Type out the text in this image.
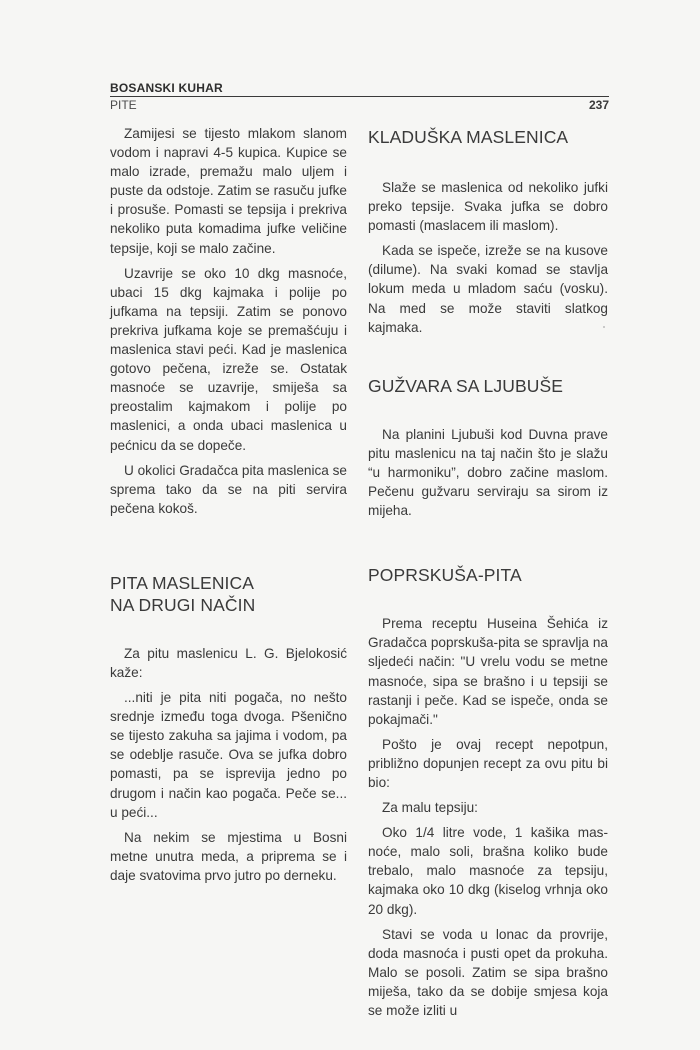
BOSANSKI KUHAR
PITE	237

Zamijesi se tijesto mlakom slanom vodom i napravi 4-5 kupica. Kupice se malo izrade, premažu malo uljem i puste da odstoje. Zatim se rasuču jufke i prosuše. Pomasti se tepsija i prekriva nekoliko puta komadima jufke veličine tepsije, koji se malo začine.

Uzavrije se oko 10 dkg masnoće, ubaci 15 dkg kajmaka i polije po jufkama na tepsiji. Zatim se ponovo prekriva jufkama koje se premašćuju i maslenica stavi peći. Kad je maslenica gotovo pečena, izreže se. Ostatak masnoće se uzavrije, smiješa sa preostalim kajmakom i polije po maslenici, a onda ubaci maslenica u pećnicu da se dopeče.

U okolici Gradačca pita maslenica se sprema tako da se na piti servira pečena kokoš.

PITA MASLENICA
NA DRUGI NAČIN

Za pitu maslenicu L. G. Bjelokosić kaže:

...niti je pita niti pogača, no nešto srednje između toga dvoga. Pšenično se tijesto zakuha sa jajima i vodom, pa se odeblje rasuče. Ova se jufka dobro pomasti, pa se isprevija jedno po drugom i način kao pogača. Peče se... u peći...

Na nekim se mjestima u Bosni metne unutra meda, a priprema se i daje svatovima prvo jutro po derneku.

KLADUŠKA MASLENICA

Slaže se maslenica od nekoliko jufki preko tepsije. Svaka jufka se dobro pomasti (maslacem ili maslom).

Kada se ispeče, izreže se na kusove (dilume). Na svaki komad se stavlja lokum meda u mladom saću (vosku). Na med se može staviti slatkog kajmaka.

GUŽVARA SA LJUBUŠE

Na planini Ljubuši kod Duvna prave pitu maslenicu na taj način što je slažu “u harmoniku”, dobro začine maslom. Pečenu gužvaru serviraju sa sirom iz mijeha.

POPRSKUŠA-PITA

Prema receptu Huseina Šehića iz Gradačca poprskuša-pita se spravlja na sljedeći način: "U vrelu vodu se metne masnoće, sipa se brašno i u tepsiji se rastanji i peče. Kad se ispeče, onda se pokajmači."

Pošto je ovaj recept nepotpun, približno dopunjen recept za ovu pitu bi bio:

Za malu tepsiju:

Oko 1/4 litre vode, 1 kašika masnoće, malo soli, brašna koliko bude trebalo, malo masnoće za tepsiju, kajmaka oko 10 dkg (kiselog vrhnja oko 20 dkg).

Stavi se voda u lonac da provrije, doda masnoća i pusti opet da prokuha. Malo se posoli. Zatim se sipa brašno miješa, tako da se dobije smjesa koja se može izliti u
